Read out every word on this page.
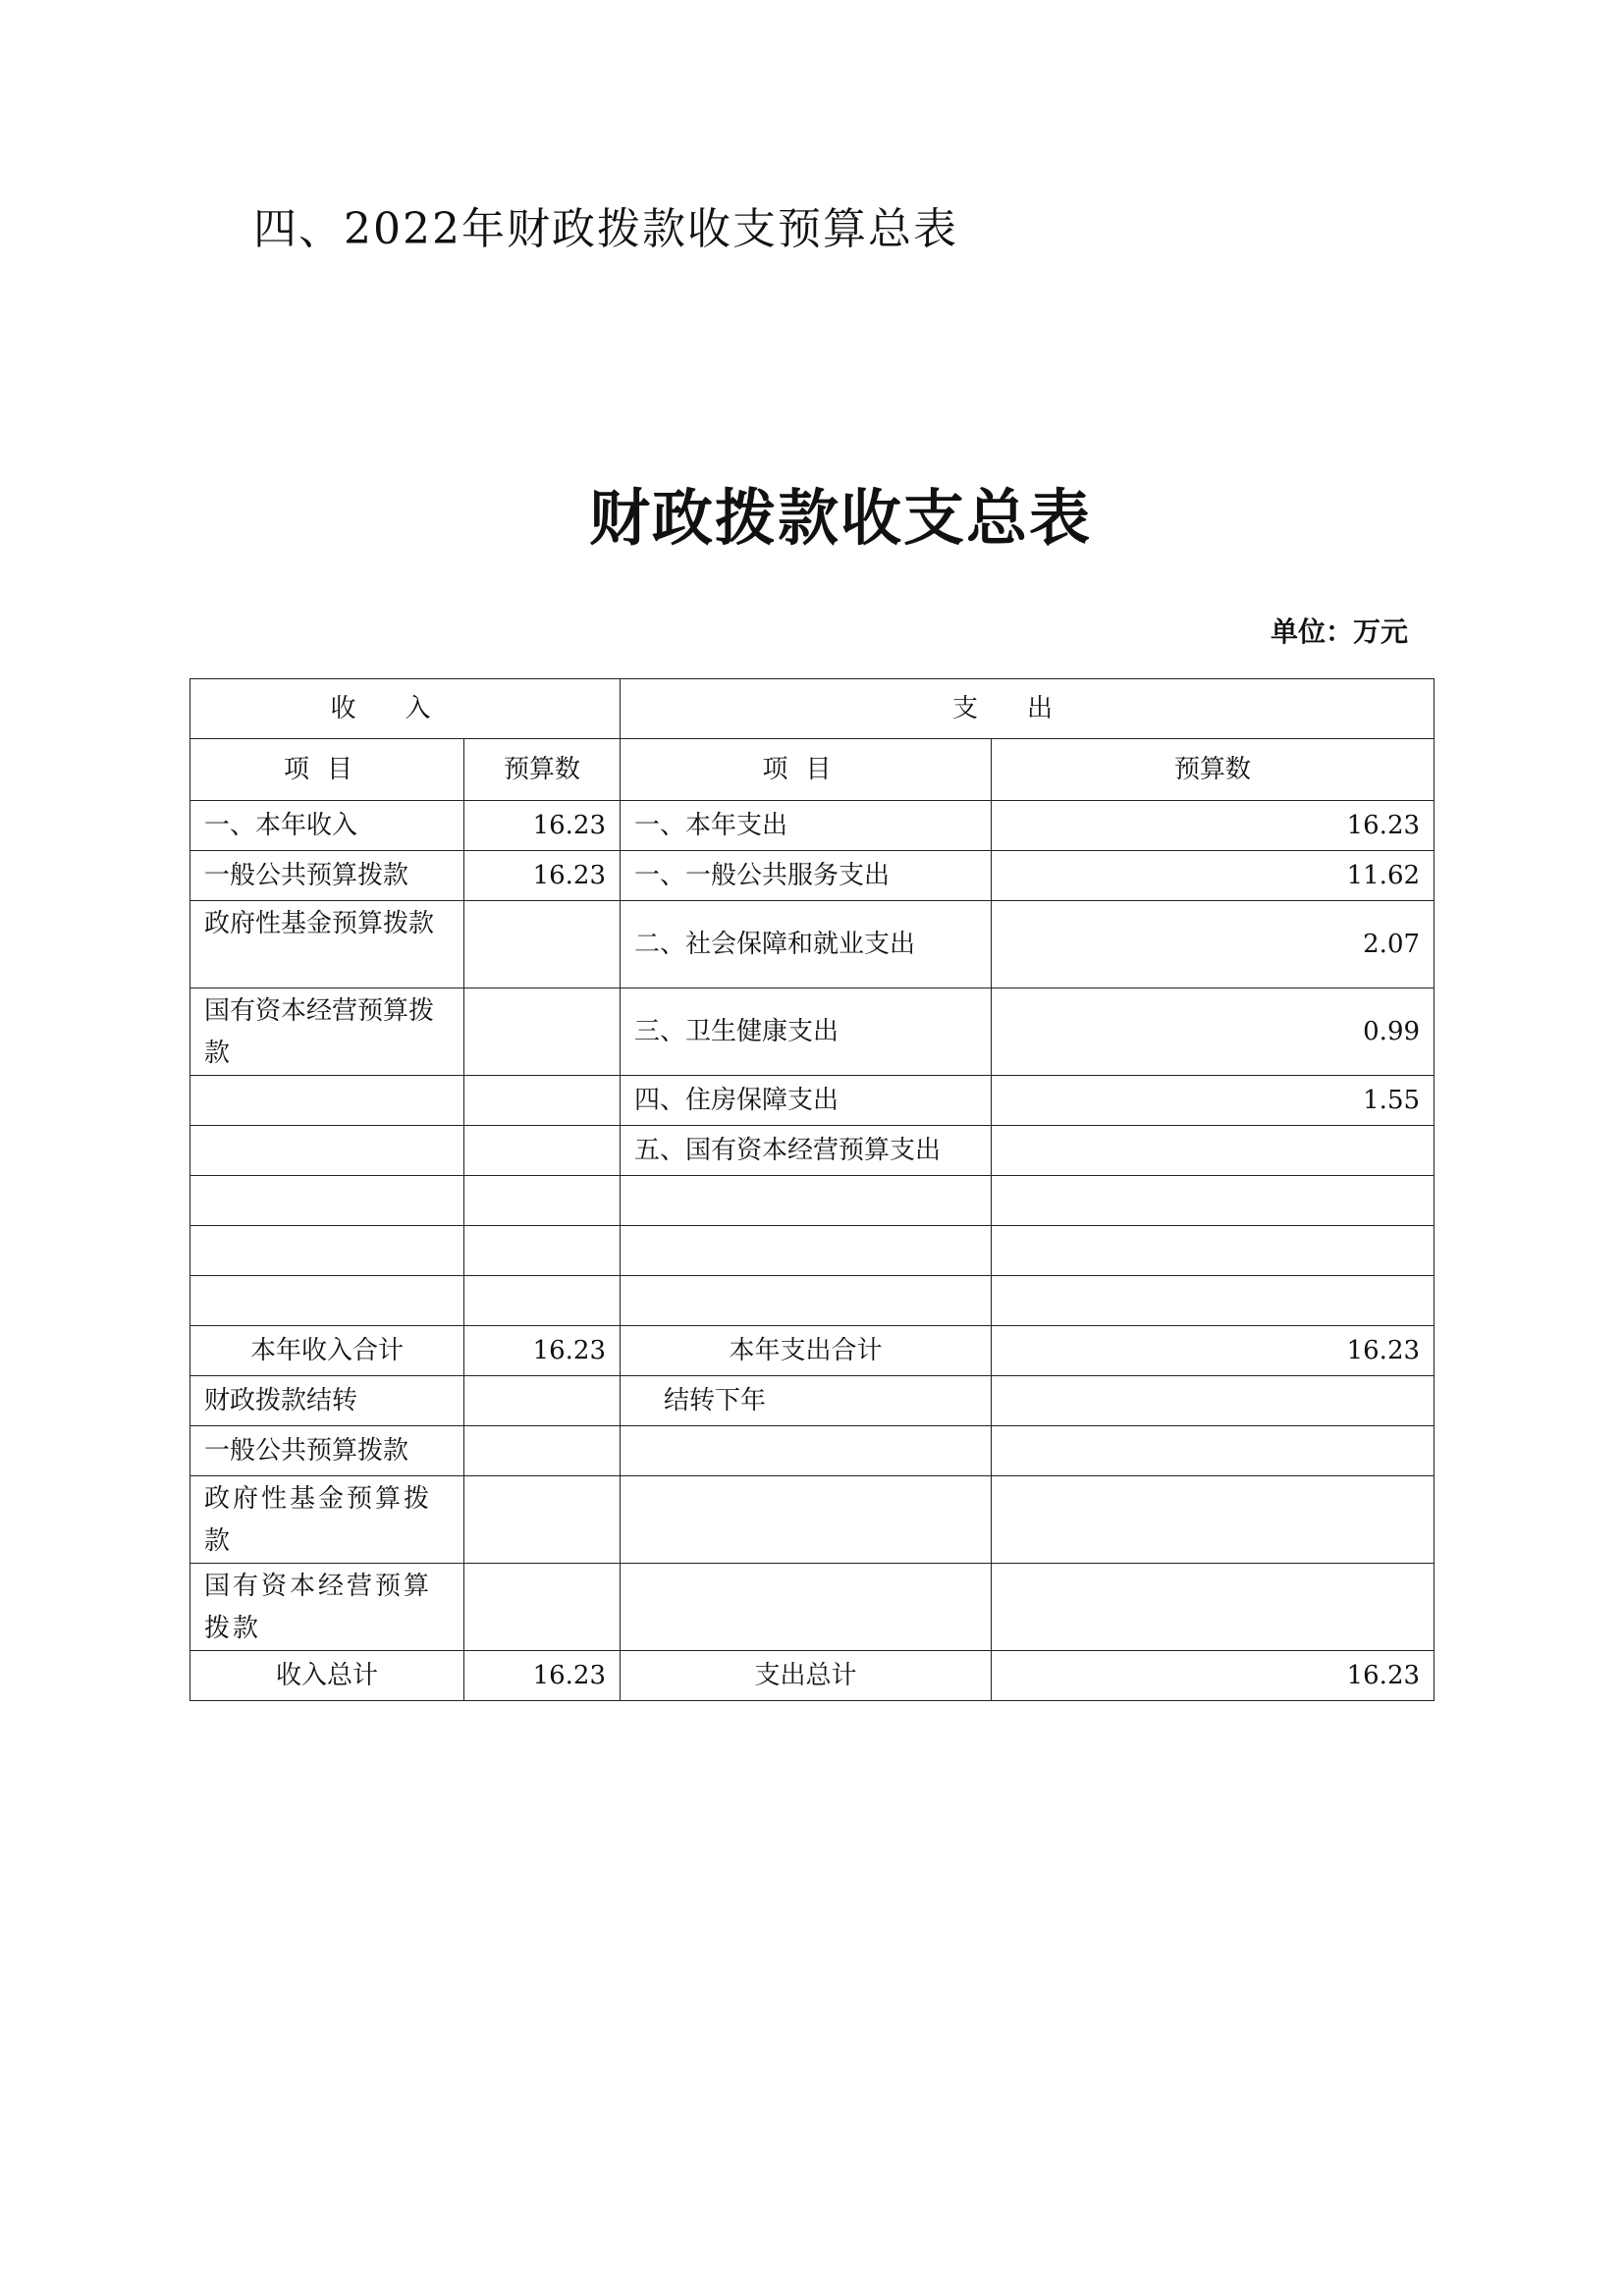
四、2022年财政拨款收支预算总表
财政拨款收支总表
单位：万元
收入		支出	
项目	预算数	项目	预算数
一、本年收入	16.23	一、本年支出	16.23
一般公共预算拨款	16.23	一、一般公共服务支出	11.62
政府性基金预算拨款		二、社会保障和就业支出	2.07
国有资本经营预算拨款		三、卫生健康支出	0.99
		四、住房保障支出	1.55
		五、国有资本经营预算支出	

本年收入合计	16.23	本年支出合计	16.23
财政拨款结转		结转下年	
一般公共预算拨款			
政府性基金预算拨款			
国有资本经营预算拨款			
收入总计	16.23	支出总计	16.23
